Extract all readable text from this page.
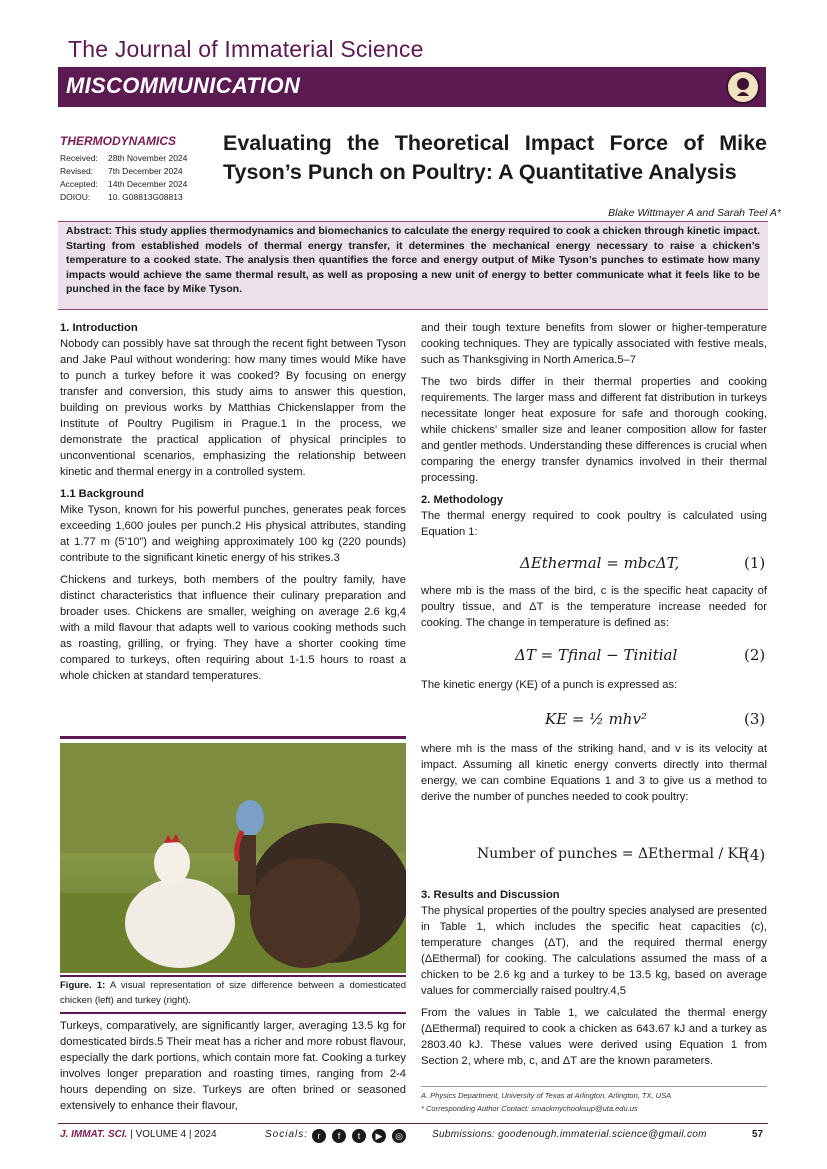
The Journal of Immaterial Science
MISCOMMUNICATION
THERMODYNAMICS
Received: 28th November 2024
Revised: 7th December 2024
Accepted: 14th December 2024
DOIOU: 10. G08813G08813
Evaluating the Theoretical Impact Force of Mike Tyson’s Punch on Poultry: A Quantitative Analysis
Blake Wittmayer A and Sarah Teel A*
Abstract: This study applies thermodynamics and biomechanics to calculate the energy required to cook a chicken through kinetic impact. Starting from established models of thermal energy transfer, it determines the mechanical energy necessary to raise a chicken’s temperature to a cooked state. The analysis then quantifies the force and energy output of Mike Tyson’s punches to estimate how many impacts would achieve the same thermal result, as well as proposing a new unit of energy to better communicate what it feels like to be punched in the face by Mike Tyson.
1. Introduction

Nobody can possibly have sat through the recent fight between Tyson and Jake Paul without wondering: how many times would Mike have to punch a turkey before it was cooked? By focusing on energy transfer and conversion, this study aims to answer this question, building on previous works by Matthias Chickenslapper from the Institute of Poultry Pugilism in Prague.1 In the process, we demonstrate the practical application of physical principles to unconventional scenarios, emphasizing the relationship between kinetic and thermal energy in a controlled system.

1.1 Background

Mike Tyson, known for his powerful punches, generates peak forces exceeding 1,600 joules per punch.2 His physical attributes, standing at 1.77 m (5’10”) and weighing approximately 100 kg (220 pounds) contribute to the significant kinetic energy of his strikes.3

Chickens and turkeys, both members of the poultry family, have distinct characteristics that influence their culinary preparation and broader uses. Chickens are smaller, weighing on average 2.6 kg,4 with a mild flavour that adapts well to various cooking methods such as roasting, grilling, or frying. They have a shorter cooking time compared to turkeys, often requiring about 1-1.5 hours to roast a whole chicken at standard temperatures.

Figure. 1: A visual representation of size difference between a domesticated chicken (left) and turkey (right).
Turkeys, comparatively, are significantly larger, averaging 13.5 kg for domesticated birds.5 Their meat has a richer and more robust flavour, especially the dark portions, which contain more fat. Cooking a turkey involves longer preparation and roasting times, ranging from 2-4 hours depending on size. Turkeys are often brined or seasoned extensively to enhance their flavour,

and their tough texture benefits from slower or higher-temperature cooking techniques. They are typically associated with festive meals, such as Thanksgiving in North America.5–7

The two birds differ in their thermal properties and cooking requirements. The larger mass and different fat distribution in turkeys necessitate longer heat exposure for safe and thorough cooking, while chickens’ smaller size and leaner composition allow for faster and gentler methods. Understanding these differences is crucial when comparing the energy transfer dynamics involved in their thermal processing.

2. Methodology
The thermal energy required to cook poultry is calculated using Equation 1:
ΔEthermal = mbcΔT,	(1)
where mb is the mass of the bird, c is the specific heat capacity of poultry tissue, and ΔT is the temperature increase needed for cooking. The change in temperature is defined as:
ΔT = Tfinal − Tinitial	(2)
The kinetic energy (KE) of a punch is expressed as:
KE = ½ mhv²	(3)
where mh is the mass of the striking hand, and v is its velocity at impact. Assuming all kinetic energy converts directly into thermal energy, we can combine Equations 1 and 3 to give us a method to derive the number of punches needed to cook poultry:
Number of punches = ΔEthermal / KE
(4)
3. Results and Discussion

The physical properties of the poultry species analysed are presented in Table 1, which includes the specific heat capacities (c), temperature changes (ΔT), and the required thermal energy (ΔEthermal) for cooking. The calculations assumed the mass of a chicken to be 2.6 kg and a turkey to be 13.5 kg, based on average values for commercially raised poultry.4,5

From the values in Table 1, we calculated the thermal energy (ΔEthermal) required to cook a chicken as 643.67 kJ and a turkey as 2803.40 kJ. These values were derived using Equation 1 from Section 2, where mb, c, and ΔT are the known parameters.

A. Physics Department, University of Texas at Arlington, Arlington, TX, USA
* Corresponding Author Contact: smackmychooksup@uta.edu.us
J. IMMAT. SCI. | VOLUME 4 | 2024	Socials:	r f t ▶ ◎	Submissions: goodenough.immaterial.science@gmail.com	57
